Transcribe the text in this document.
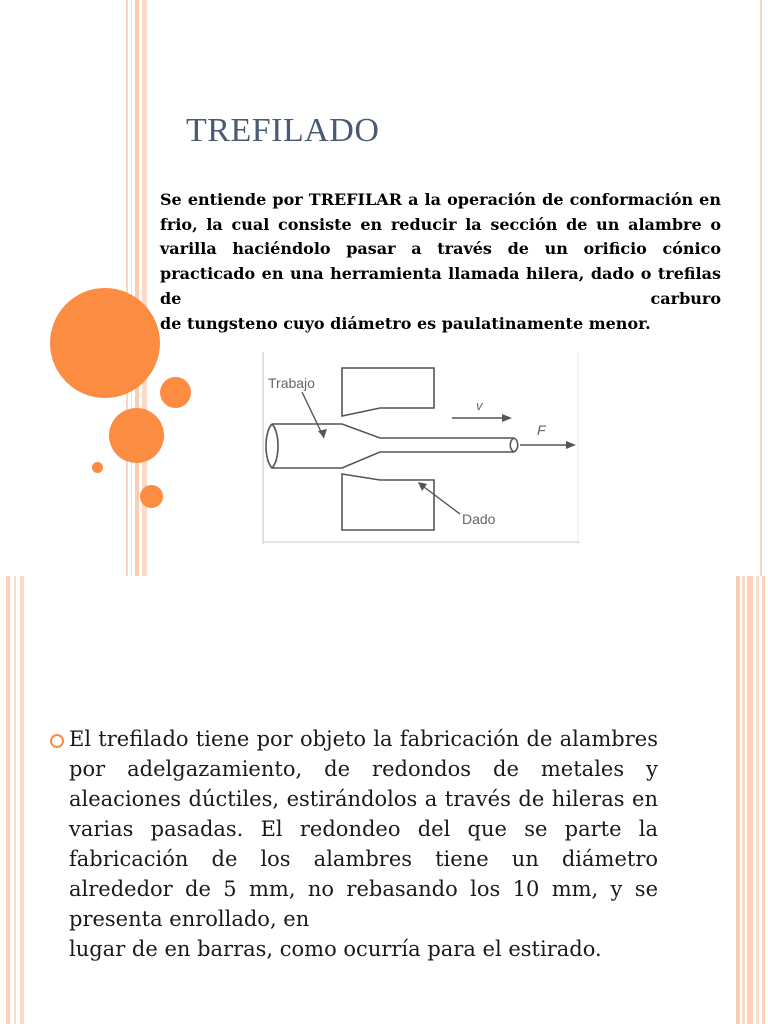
TREFILADO

Se entiende por TREFILAR a la operación de conformación en frio, la cual consiste en reducir la sección de un alambre o varilla haciéndolo pasar a través de un orificio cónico practicado en una herramienta llamada hilera, dado o trefilas de carburo
de tungsteno cuyo diámetro es paulatinamente menor.

Trabajo
v
F
Dado

El trefilado tiene por objeto la fabricación de alambres por adelgazamiento, de redondos de metales y aleaciones dúctiles, estirándolos a través de hileras en varias pasadas. El redondeo del que se parte la fabricación de los alambres tiene un diámetro alrededor de 5 mm, no rebasando los 10 mm, y se presenta enrollado, en
lugar de en barras, como ocurría para el estirado.
